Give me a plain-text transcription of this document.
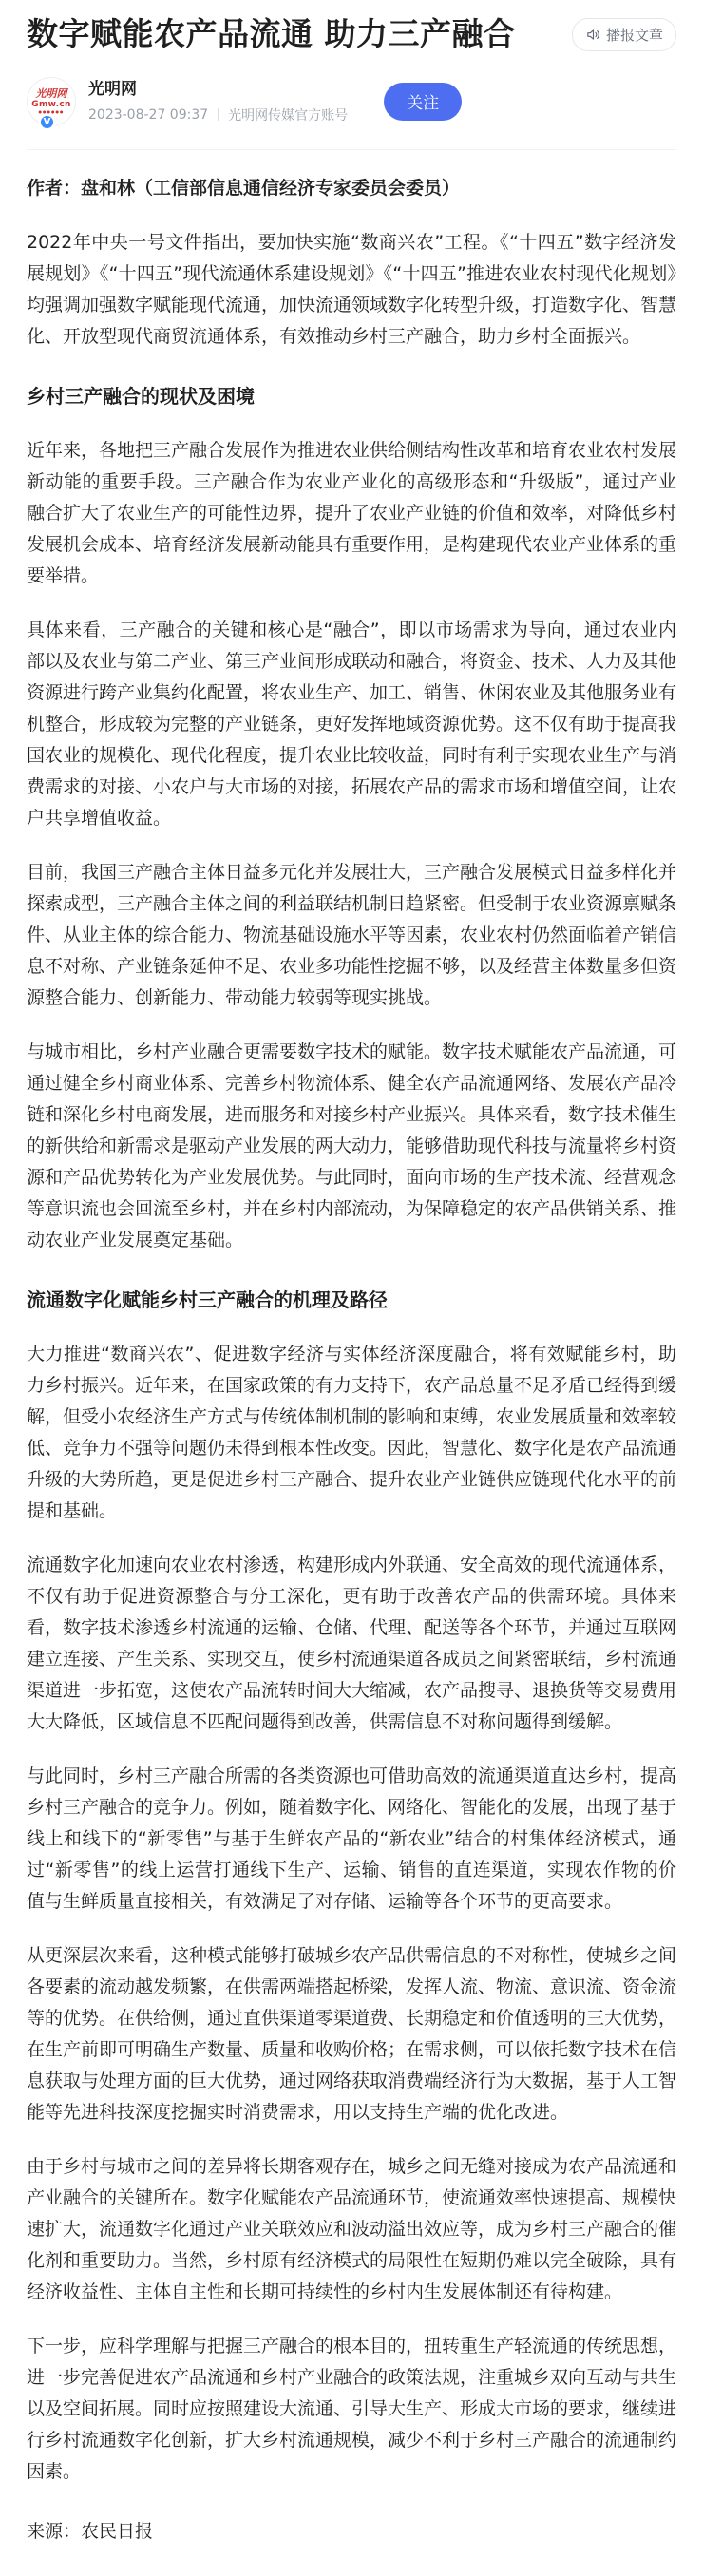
数字赋能农产品流通 助力三产融合	播报文章
光明网
Gmw.cn
●●●●●●
V
光明网
2023-08-27 09:37 光明网传媒官方账号
关注

作者：盘和林（工信部信息通信经济专家委员会委员）

2022年中央一号文件指出，要加快实施“数商兴农”工程。《“十四五”数字经济发展规划》《“十四五”现代流通体系建设规划》《“十四五”推进农业农村现代化规划》均强调加强数字赋能现代流通，加快流通领域数字化转型升级，打造数字化、智慧化、开放型现代商贸流通体系，有效推动乡村三产融合，助力乡村全面振兴。

乡村三产融合的现状及困境

近年来，各地把三产融合发展作为推进农业供给侧结构性改革和培育农业农村发展新动能的重要手段。三产融合作为农业产业化的高级形态和“升级版”，通过产业融合扩大了农业生产的可能性边界，提升了农业产业链的价值和效率，对降低乡村发展机会成本、培育经济发展新动能具有重要作用，是构建现代农业产业体系的重要举措。

具体来看，三产融合的关键和核心是“融合”，即以市场需求为导向，通过农业内部以及农业与第二产业、第三产业间形成联动和融合，将资金、技术、人力及其他资源进行跨产业集约化配置，将农业生产、加工、销售、休闲农业及其他服务业有机整合，形成较为完整的产业链条，更好发挥地域资源优势。这不仅有助于提高我国农业的规模化、现代化程度，提升农业比较收益，同时有利于实现农业生产与消费需求的对接、小农户与大市场的对接，拓展农产品的需求市场和增值空间，让农户共享增值收益。

目前，我国三产融合主体日益多元化并发展壮大，三产融合发展模式日益多样化并探索成型，三产融合主体之间的利益联结机制日趋紧密。但受制于农业资源禀赋条件、从业主体的综合能力、物流基础设施水平等因素，农业农村仍然面临着产销信息不对称、产业链条延伸不足、农业多功能性挖掘不够，以及经营主体数量多但资源整合能力、创新能力、带动能力较弱等现实挑战。

与城市相比，乡村产业融合更需要数字技术的赋能。数字技术赋能农产品流通，可通过健全乡村商业体系、完善乡村物流体系、健全农产品流通网络、发展农产品冷链和深化乡村电商发展，进而服务和对接乡村产业振兴。具体来看，数字技术催生的新供给和新需求是驱动产业发展的两大动力，能够借助现代科技与流量将乡村资源和产品优势转化为产业发展优势。与此同时，面向市场的生产技术流、经营观念等意识流也会回流至乡村，并在乡村内部流动，为保障稳定的农产品供销关系、推动农业产业发展奠定基础。

流通数字化赋能乡村三产融合的机理及路径

大力推进“数商兴农”、促进数字经济与实体经济深度融合，将有效赋能乡村，助力乡村振兴。近年来，在国家政策的有力支持下，农产品总量不足矛盾已经得到缓解，但受小农经济生产方式与传统体制机制的影响和束缚，农业发展质量和效率较低、竞争力不强等问题仍未得到根本性改变。因此，智慧化、数字化是农产品流通升级的大势所趋，更是促进乡村三产融合、提升农业产业链供应链现代化水平的前提和基础。

流通数字化加速向农业农村渗透，构建形成内外联通、安全高效的现代流通体系，不仅有助于促进资源整合与分工深化，更有助于改善农产品的供需环境。具体来看，数字技术渗透乡村流通的运输、仓储、代理、配送等各个环节，并通过互联网建立连接、产生关系、实现交互，使乡村流通渠道各成员之间紧密联结，乡村流通渠道进一步拓宽，这使农产品流转时间大大缩减，农产品搜寻、退换货等交易费用大大降低，区域信息不匹配问题得到改善，供需信息不对称问题得到缓解。

与此同时，乡村三产融合所需的各类资源也可借助高效的流通渠道直达乡村，提高乡村三产融合的竞争力。例如，随着数字化、网络化、智能化的发展，出现了基于线上和线下的“新零售”与基于生鲜农产品的“新农业”结合的村集体经济模式，通过“新零售”的线上运营打通线下生产、运输、销售的直连渠道，实现农作物的价值与生鲜质量直接相关，有效满足了对存储、运输等各个环节的更高要求。

从更深层次来看，这种模式能够打破城乡农产品供需信息的不对称性，使城乡之间各要素的流动越发频繁，在供需两端搭起桥梁，发挥人流、物流、意识流、资金流等的优势。在供给侧，通过直供渠道零渠道费、长期稳定和价值透明的三大优势，在生产前即可明确生产数量、质量和收购价格；在需求侧，可以依托数字技术在信息获取与处理方面的巨大优势，通过网络获取消费端经济行为大数据，基于人工智能等先进科技深度挖掘实时消费需求，用以支持生产端的优化改进。

由于乡村与城市之间的差异将长期客观存在，城乡之间无缝对接成为农产品流通和产业融合的关键所在。数字化赋能农产品流通环节，使流通效率快速提高、规模快速扩大，流通数字化通过产业关联效应和波动溢出效应等，成为乡村三产融合的催化剂和重要助力。当然，乡村原有经济模式的局限性在短期仍难以完全破除，具有经济收益性、主体自主性和长期可持续性的乡村内生发展体制还有待构建。

下一步，应科学理解与把握三产融合的根本目的，扭转重生产轻流通的传统思想，进一步完善促进农产品流通和乡村产业融合的政策法规，注重城乡双向互动与共生以及空间拓展。同时应按照建设大流通、引导大生产、形成大市场的要求，继续进行乡村流通数字化创新，扩大乡村流通规模，减少不利于乡村三产融合的流通制约因素。

来源：农民日报
